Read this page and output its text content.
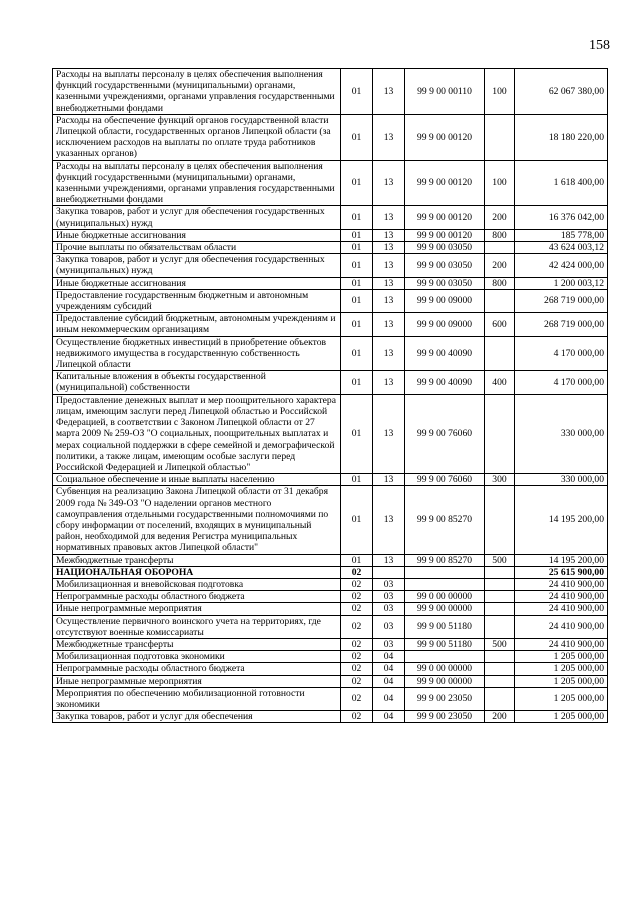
158
Расходы на выплаты персоналу в целях обеспечения выполнения функций государственными (муниципальными) органами, казенными учреждениями, органами управления государственными внебюджетными фондами	01	13	99 9 00 00110	100	62 067 380,00
Расходы на обеспечение функций органов государственной власти Липецкой области, государственных органов Липецкой области (за исключением расходов на выплаты по оплате труда работников указанных органов)	01	13	99 9 00 00120		18 180 220,00
Расходы на выплаты персоналу в целях обеспечения выполнения функций государственными (муниципальными) органами, казенными учреждениями, органами управления государственными внебюджетными фондами	01	13	99 9 00 00120	100	1 618 400,00
Закупка товаров, работ и услуг для обеспечения государственных (муниципальных) нужд	01	13	99 9 00 00120	200	16 376 042,00
Иные бюджетные ассигнования	01	13	99 9 00 00120	800	185 778,00
Прочие выплаты по обязательствам области	01	13	99 9 00 03050		43 624 003,12
Закупка товаров, работ и услуг для обеспечения государственных (муниципальных) нужд	01	13	99 9 00 03050	200	42 424 000,00
Иные бюджетные ассигнования	01	13	99 9 00 03050	800	1 200 003,12
Предоставление государственным бюджетным и автономным учреждениям субсидий	01	13	99 9 00 09000		268 719 000,00
Предоставление субсидий бюджетным, автономным учреждениям и иным некоммерческим организациям	01	13	99 9 00 09000	600	268 719 000,00
Осуществление бюджетных инвестиций в приобретение объектов недвижимого имущества в государственную собственность Липецкой области	01	13	99 9 00 40090		4 170 000,00
Капитальные вложения в объекты государственной (муниципальной) собственности	01	13	99 9 00 40090	400	4 170 000,00
Предоставление денежных выплат и мер поощрительного характера лицам, имеющим заслуги перед Липецкой областью и Российской Федерацией, в соответствии с Законом Липецкой области от 27 марта 2009 № 259-ОЗ "О социальных, поощрительных выплатах и мерах социальной поддержки в сфере семейной и демографической политики, а также лицам, имеющим особые заслуги перед Российской Федерацией и Липецкой областью"	01	13	99 9 00 76060		330 000,00
Социальное обеспечение и иные выплаты населению	01	13	99 9 00 76060	300	330 000,00
Субвенция на реализацию Закона Липецкой области от 31 декабря 2009 года № 349-ОЗ "О наделении органов местного самоуправления отдельными государственными полномочиями по сбору информации от поселений, входящих в муниципальный район, необходимой для ведения Регистра муниципальных нормативных правовых актов Липецкой области"	01	13	99 9 00 85270		14 195 200,00
Межбюджетные трансферты	01	13	99 9 00 85270	500	14 195 200,00
НАЦИОНАЛЬНАЯ ОБОРОНА	02				25 615 900,00
Мобилизационная и вневойсковая подготовка	02	03			24 410 900,00
Непрограммные расходы областного бюджета	02	03	99 0 00 00000		24 410 900,00
Иные непрограммные мероприятия	02	03	99 9 00 00000		24 410 900,00
Осуществление первичного воинского учета на территориях, где отсутствуют военные комиссариаты	02	03	99 9 00 51180		24 410 900,00
Межбюджетные трансферты	02	03	99 9 00 51180	500	24 410 900,00
Мобилизационная подготовка экономики	02	04			1 205 000,00
Непрограммные расходы областного бюджета	02	04	99 0 00 00000		1 205 000,00
Иные непрограммные мероприятия	02	04	99 9 00 00000		1 205 000,00
Мероприятия по обеспечению мобилизационной готовности экономики	02	04	99 9 00 23050		1 205 000,00
Закупка товаров, работ и услуг для обеспечения	02	04	99 9 00 23050	200	1 205 000,00
